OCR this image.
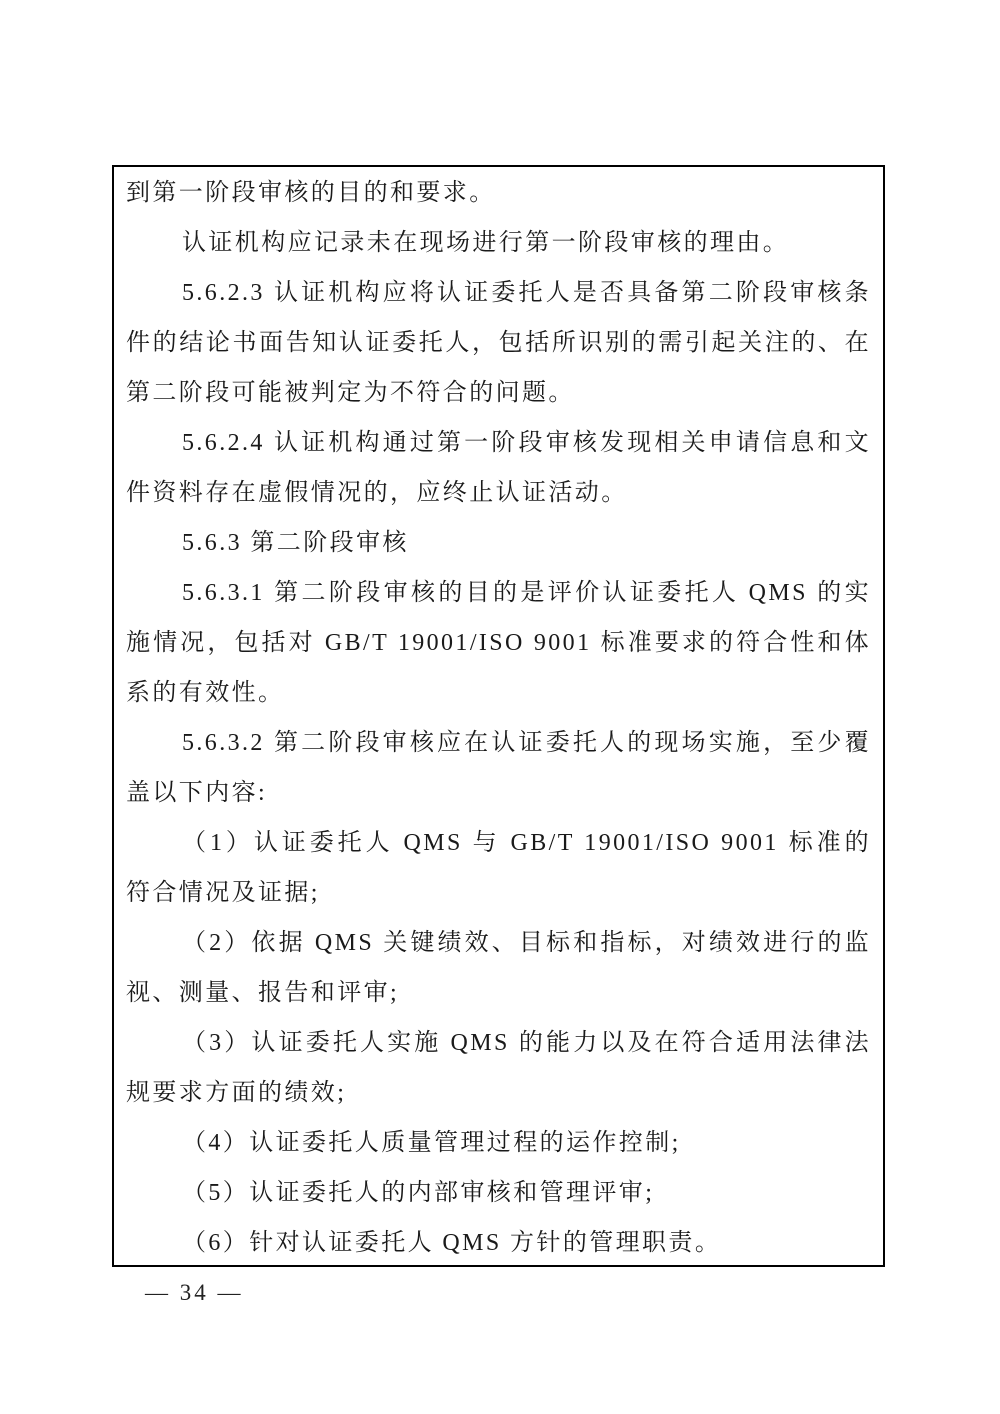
到第一阶段审核的目的和要求。

认证机构应记录未在现场进行第一阶段审核的理由。

5.6.2.3 认证机构应将认证委托人是否具备第二阶段审核条件的结论书面告知认证委托人，包括所识别的需引起关注的、在第二阶段可能被判定为不符合的问题。

5.6.2.4 认证机构通过第一阶段审核发现相关申请信息和文件资料存在虚假情况的，应终止认证活动。

5.6.3 第二阶段审核

5.6.3.1 第二阶段审核的目的是评价认证委托人 QMS 的实施情况，包括对 GB/T 19001/ISO 9001 标准要求的符合性和体系的有效性。

5.6.3.2 第二阶段审核应在认证委托人的现场实施，至少覆盖以下内容:

（1）认证委托人 QMS 与 GB/T 19001/ISO 9001 标准的符合情况及证据;

（2）依据 QMS 关键绩效、目标和指标，对绩效进行的监视、测量、报告和评审;

（3）认证委托人实施 QMS 的能力以及在符合适用法律法规要求方面的绩效;

（4）认证委托人质量管理过程的运作控制;

（5）认证委托人的内部审核和管理评审;

（6）针对认证委托人 QMS 方针的管理职责。

— 34 —
